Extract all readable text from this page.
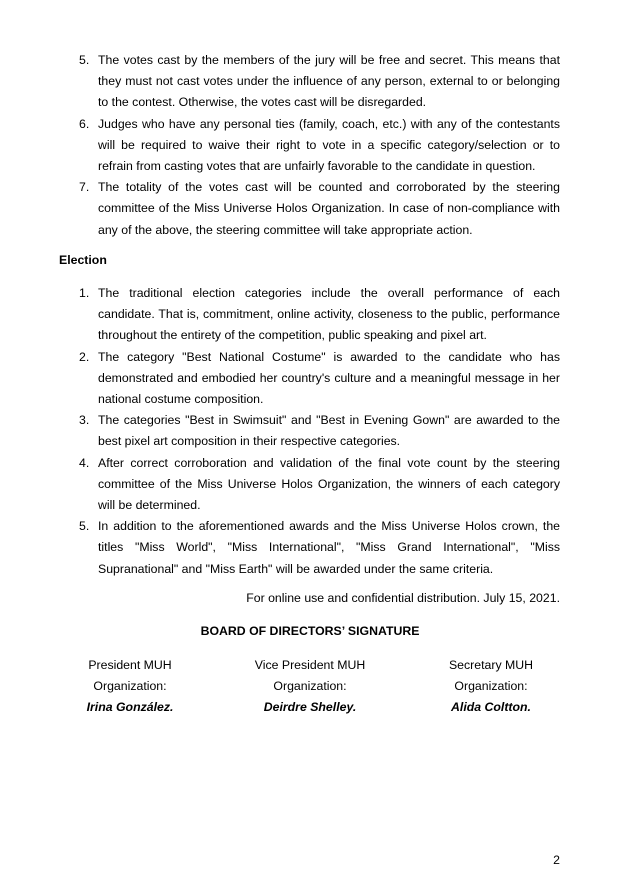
5. The votes cast by the members of the jury will be free and secret. This means that they must not cast votes under the influence of any person, external to or belonging to the contest. Otherwise, the votes cast will be disregarded.
6. Judges who have any personal ties (family, coach, etc.) with any of the contestants will be required to waive their right to vote in a specific category/selection or to refrain from casting votes that are unfairly favorable to the candidate in question.
7. The totality of the votes cast will be counted and corroborated by the steering committee of the Miss Universe Holos Organization. In case of non-compliance with any of the above, the steering committee will take appropriate action.
Election
1. The traditional election categories include the overall performance of each candidate. That is, commitment, online activity, closeness to the public, performance throughout the entirety of the competition, public speaking and pixel art.
2. The category "Best National Costume" is awarded to the candidate who has demonstrated and embodied her country's culture and a meaningful message in her national costume composition.
3. The categories "Best in Swimsuit" and "Best in Evening Gown" are awarded to the best pixel art composition in their respective categories.
4. After correct corroboration and validation of the final vote count by the steering committee of the Miss Universe Holos Organization, the winners of each category will be determined.
5. In addition to the aforementioned awards and the Miss Universe Holos crown, the titles "Miss World", "Miss International", "Miss Grand International", "Miss Supranational" and "Miss Earth" will be awarded under the same criteria.
For online use and confidential distribution. July 15, 2021.
BOARD OF DIRECTORS’ SIGNATURE
President MUH
Organization:
Irina González.
Vice President MUH
Organization:
Deirdre Shelley.
Secretary MUH
Organization:
Alida Coltton.
2
